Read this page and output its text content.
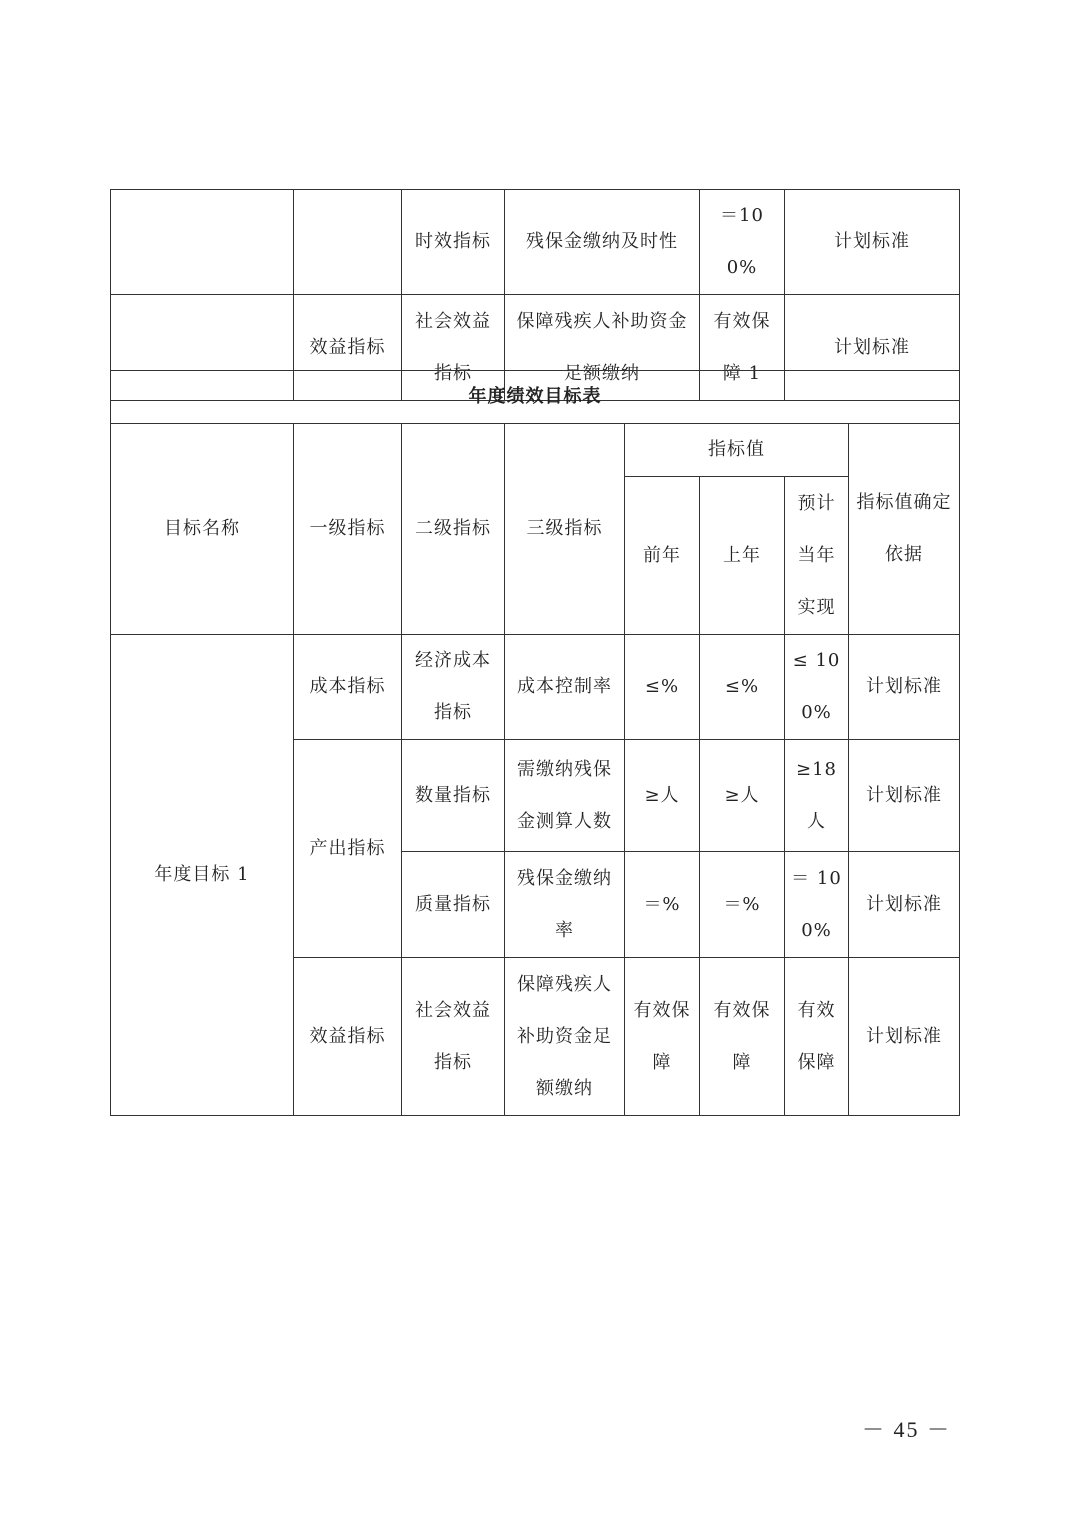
		时效指标	残保金缴纳及时性	＝100%	计划标准
	效益指标	社会效益指标	保障残疾人补助资金足额缴纳	有效保障 1	计划标准
年度绩效目标表							
目标名称	一级指标	二级指标	三级指标	指标值			指标值确定依据
				前年	上年	预计当年实现	
年度目标 1	成本指标	经济成本指标	成本控制率	≤%	≤%	≤ 100%	计划标准
	产出指标	数量指标	需缴纳残保金测算人数	≥人	≥人	≥18 人	计划标准
		质量指标	残保金缴纳率	＝%	＝%	＝ 100%	计划标准
	效益指标	社会效益指标	保障残疾人补助资金足额缴纳	有效保障	有效保障	有效保障	计划标准
－ 45 －
